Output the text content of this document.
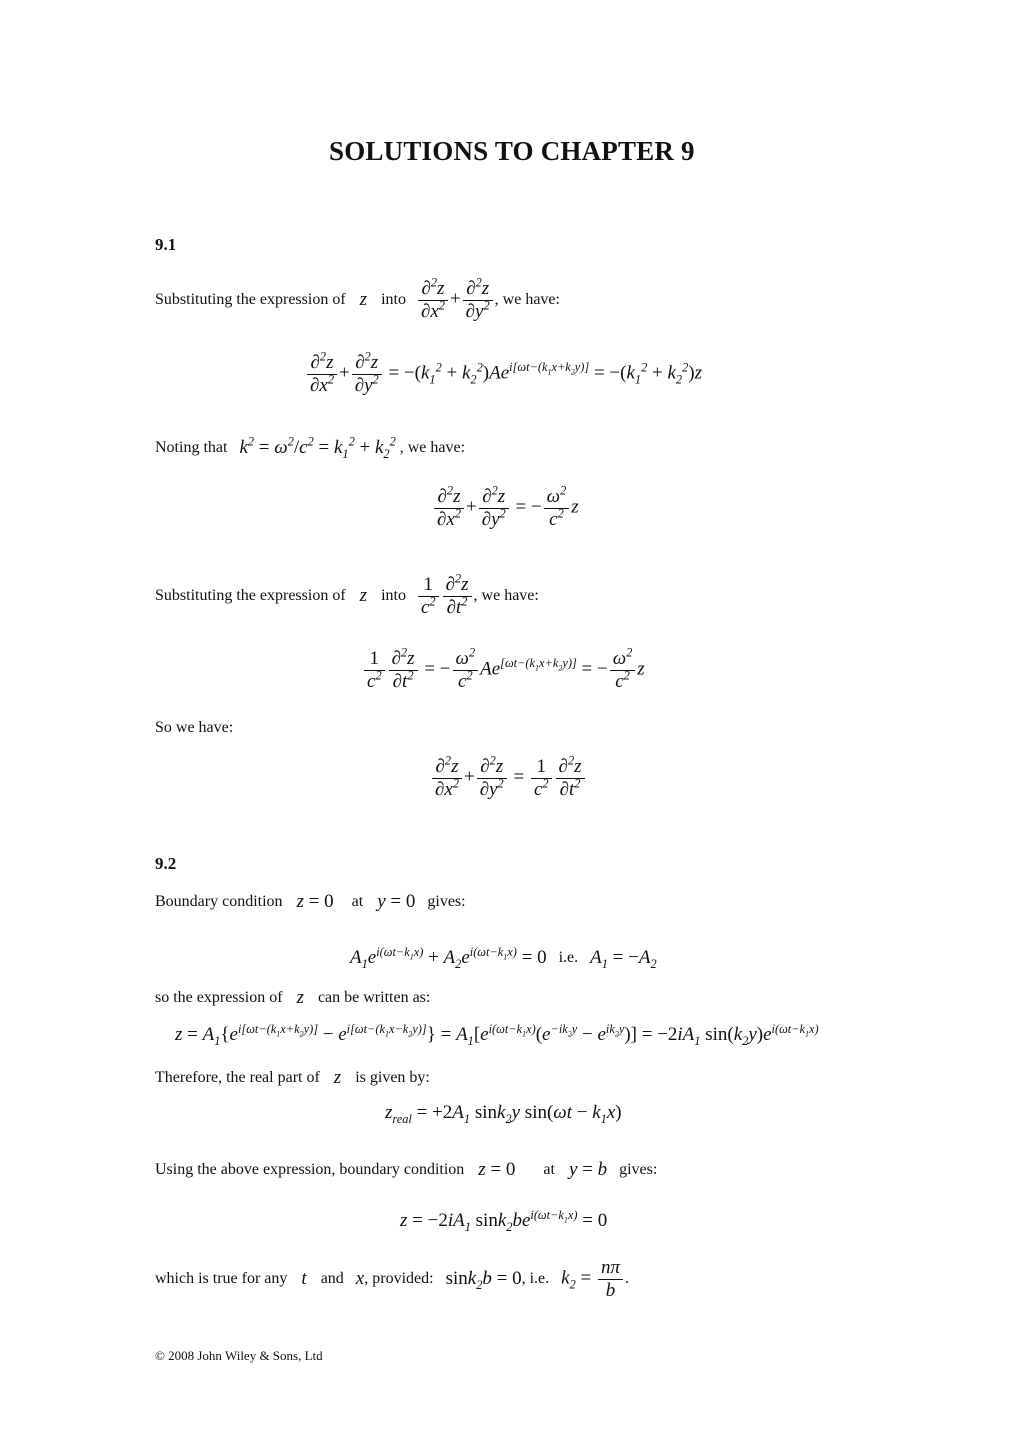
SOLUTIONS TO CHAPTER 9
9.1
Substituting the expression of z into $\frac{\partial^2z}{\partial x^2} + \frac{\partial^2z}{\partial y^2}$ , we have:
$\frac{\partial^2z}{\partial x^2} + \frac{\partial^2z}{\partial y^2} = -(k_1^2 + k_2^2)Ae^{i[\omega t-(k_1x+k_2y)]} = -(k_1^2 + k_2^2)z$
Noting that $k^2 = \omega^2/c^2 = k_1^2 + k_2^2$ , we have:
$\frac{\partial^2z}{\partial x^2} + \frac{\partial^2z}{\partial y^2}$ = − $\frac{\omega^2}{c^2}$ z
Substituting the expression of z into $\frac{1}{c^2} \frac{\partial^2z}{\partial t^2}$ , we have:
$\frac{1}{c^2} \frac{\partial^2z}{\partial t^2}$ = − $\frac{\omega^2}{c^2} Ae[\omega t-(k1x+k2y)]$ = − $\frac{\omega^2}{c^2}$ z
So we have:
$\frac{\partial^2z}{\partial x^2} + \frac{\partial^2z}{\partial y^2} = \frac{1}{c^2} \frac{\partial^2z}{\partial t^2}$
9.2
Boundary condition z = 0 at y = 0 gives:
$A_1e^{i(\omega t-k_1x)} + A_2e^{i(\omega t-k_1x)} = 0$ i.e. $A_1 = -A_2$
so the expression of z can be written as:
$z = A_1\{e^{i[\omega t-(k_1x+k_2y)]} - e^{i[\omega t-(k_1x-k_2y)]}\} = A_1[e^{i(\omega t-k_1x)}(e^{-ik_2y} - e^{ik_2y})] = -2iA_1$ $\sin(k_2y)e^{i(\omega t-k_1x)}$
Therefore, the real part of z is given by:
$z_{real} = +2A_1$ sink$_2$y $\sin(\omega t - k_1x)$
Using the above expression, boundary condition z = 0 at y = b gives:
$z = -2iA_1$ $\sin k_2be^{i(\omega t-k_1x)} = 0$
which is true for any t and x , provided: sink$_2$b = 0 , i.e. $k_2 = \frac{n\pi}{b}$ .
© 2008 John Wiley & Sons, Ltd
